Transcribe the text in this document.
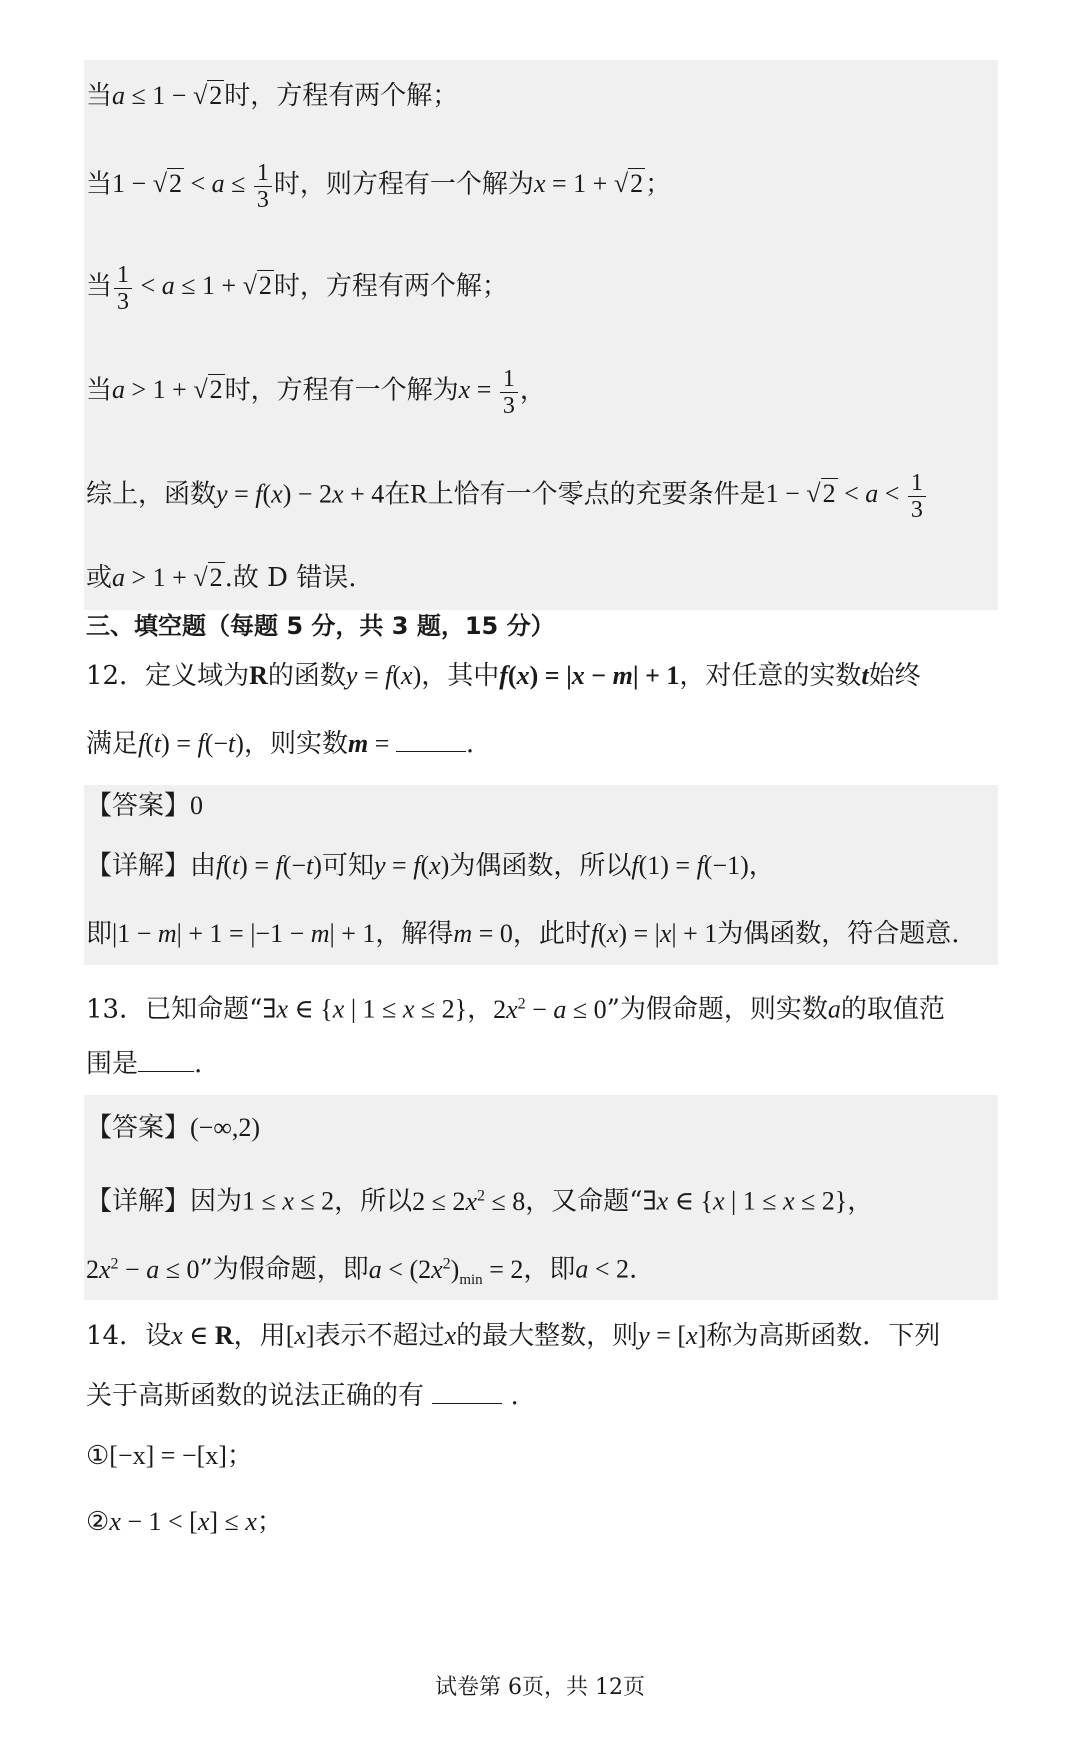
当a ≤ 1 − √2时，方程有两个解；
当$1 - √2 < a \le \frac{1}{3}$ 时，则方程有一个解为x = 1 + √2；
当 $\frac{1}{3} < a \le 1 + √2$时，方程有两个解；
当a > 1 + √2时，方程有一个解为$x = \frac{1}{3}$ ，
综上，函数y = f(x) − 2x + 4在R上恰有一个零点的充要条件是$1 - √2 < a < \frac{1}{3}$
或a > 1 + √2.故 D 错误.
三、填空题（每题 5 分，共 3 题，15 分）
12．定义域为R的函数y = f(x)，其中f(x) = |x − m| + 1，对任意的实数t始终
满足f(t) = f(−t)，则实数m =	.
【答案】0
【详解】由f(t) = f(−t)可知y = f(x)为偶函数，所以f(1) = f(−1)，
即|1 − m| + 1 = |−1 − m| + 1，解得m = 0，此时f(x) = |x| + 1为偶函数，符合题意.
13．已知命题“∃x ∈ {x | 1 ≤ x ≤ 2}，$2x^2 - a \le 0$”为假命题，则实数a的取值范
围是 .
【答案】(−∞,2)
【详解】因为1 ≤ x ≤ 2，所以$2 \le 2x^2 \le 8$，又命题“∃x ∈ {x | 1 ≤ x ≤ 2}，
$2x^2 - a \le 0$”为假命题，即$a < (2x^2)_{min} = 2$，即a < 2.
14．设x ∈ R，用[x]表示不超过x的最大整数，则y = [x]称为高斯函数．下列
关于高斯函数的说法正确的有	.
①[−x] = −[x]；
②x − 1 < [x] ≤ x；
试卷第 6页，共 12页
